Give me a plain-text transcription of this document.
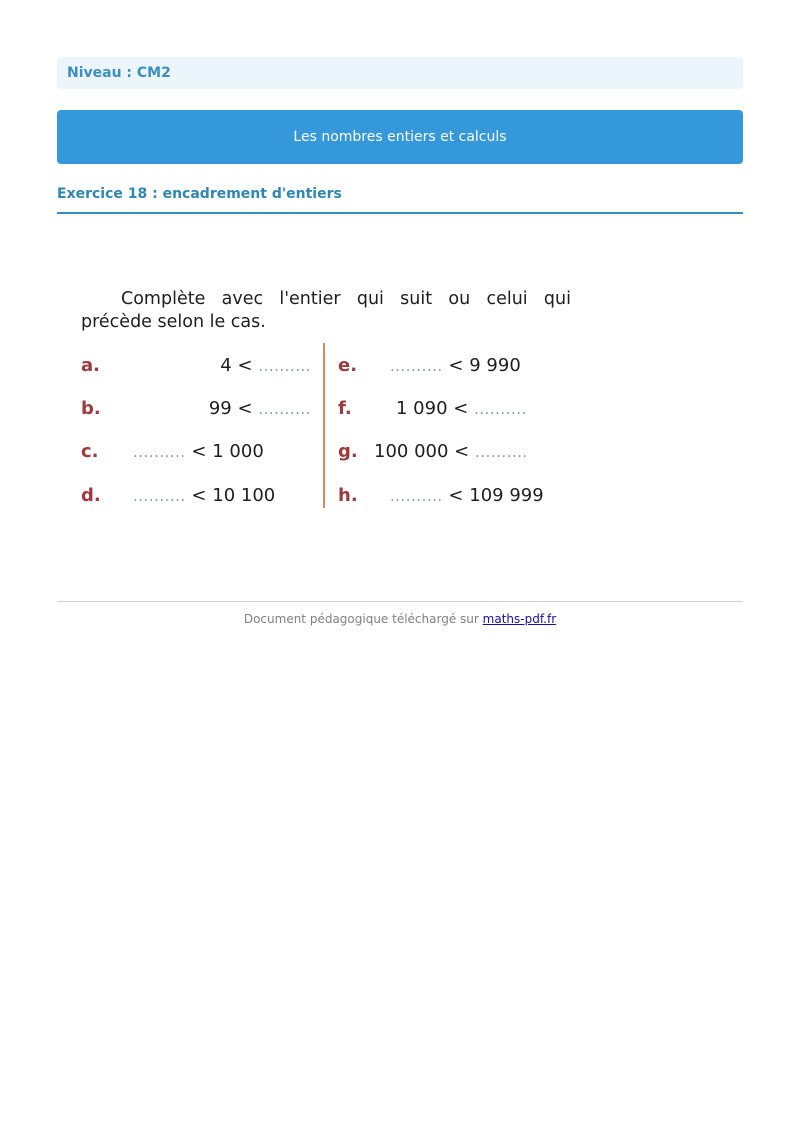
Niveau : CM2
Les nombres entiers et calculs
Exercice 18 : encadrement d'entiers

Complète avec l'entier qui suit ou celui qui précède selon le cas.

a.	4 < ..........
b.	99 < ..........
c. .......... < 1 000
d. .......... < 10 100
e. .......... < 9 990
f. 1 090 < ..........
g. 100 000 < ..........
h. .......... < 109 999
Document pédagogique téléchargé sur maths-pdf.fr
